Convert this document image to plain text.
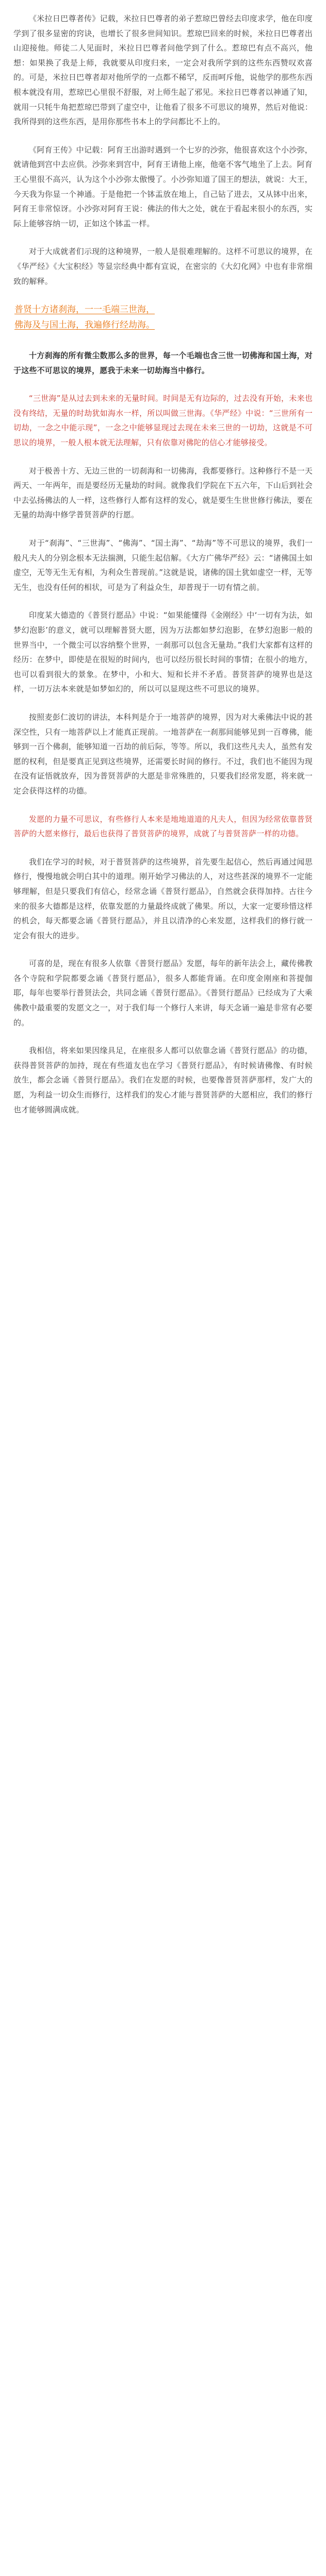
《米拉日巴尊者传》记载，米拉日巴尊者的弟子惹琼巴曾经去印度求学，他在印度学到了很多显密的窍诀，也增长了很多世间知识。惹琼巴回来的时候，米拉日巴尊者出山迎接他。师徒二人见面时，米拉日巴尊者问他学到了什么。惹琼巴有点不高兴，他想：如果换了我是上师，我就要从印度归来，一定会对我所学到的这些东西赞叹欢喜的。可是，米拉日巴尊者却对他所学的一点都不稀罕，反而呵斥他，说他学的那些东西根本就没有用，惹琼巴心里很不舒服，对上师生起了邪见。米拉日巴尊者以神通了知，就用一只牦牛角把惹琼巴带到了虚空中，让他看了很多不可思议的境界，然后对他说：我所得到的这些东西，是用你那些书本上的学问都比不上的。

《阿育王传》中记载：阿育王出游时遇到一个七岁的沙弥，他很喜欢这个小沙弥，就请他到宫中去应供。沙弥来到宫中，阿育王请他上座，他毫不客气地坐了上去。阿育王心里很不高兴，认为这个小沙弥太傲慢了。小沙弥知道了国王的想法，就说：大王，今天我为你显一个神通。于是他把一个钵盂放在地上，自己钻了进去，又从钵中出来，阿育王非常惊讶。小沙弥对阿育王说：佛法的伟大之处，就在于看起来很小的东西，实际上能够容纳一切，正如这个钵盂一样。

对于大成就者们示现的这种境界，一般人是很难理解的。这样不可思议的境界，在《华严经》《大宝积经》等显宗经典中都有宣说，在密宗的《大幻化网》中也有非常细致的解释。

普贤十方诸刹海，一一毛端三世海，

佛海及与国土海，我遍修行经劫海。

十方刹海的所有微尘数那么多的世界，每一个毛端也含三世一切佛海和国土海，对于这些不可思议的境界，愿我于未来一切劫海当中修行。

“三世海”是从过去到未来的无量时间。时间是无有边际的，过去没有开始，未来也没有终结，无量的时劫犹如海水一样，所以叫做三世海。《华严经》中说：“三世所有一切劫，一念之中能示现”，一念之中能够显现过去现在未来三世的一切劫，这就是不可思议的境界，一般人根本就无法理解，只有依靠对佛陀的信心才能够接受。

对于极善十方、无边三世的一切刹海和一切佛海，我都要修行。这种修行不是一天两天、一年两年，而是要经历无量劫的时间。就像我们学院在下五六年，下山后到社会中去弘扬佛法的人一样，这些修行人都有这样的发心，就是要生生世世修行佛法，要在无量的劫海中修学普贤菩萨的行愿。

对于“刹海”、“三世海”、“佛海”、“国土海”、“劫海”等不可思议的境界，我们一般凡夫人的分别念根本无法揣测，只能生起信解。《大方广佛华严经》云：“诸佛国土如虚空，无等无生无有相，为利众生普现前。”这就是说，诸佛的国土犹如虚空一样，无等无生，也没有任何的相状，可是为了利益众生，却普现于一切有情之前。

印度某大德造的《普贤行愿品》中说：“如果能懂得《金刚经》中‘一切有为法，如梦幻泡影’的意义，就可以理解普贤大愿，因为万法都如梦幻泡影，在梦幻泡影一般的世界当中，一个微尘可以容纳整个世界，一刹那可以包含无量劫。”我们大家都有这样的经历：在梦中，即使是在很短的时间内，也可以经历很长时间的事情；在很小的地方，也可以看到很大的景象。在梦中，小和大、短和长并不矛盾。普贤菩萨的境界也是这样，一切万法本来就是如梦如幻的，所以可以显现这些不可思议的境界。

按照麦彭仁波切的讲法，本科判是介于一地菩萨的境界，因为对大乘佛法中说的甚深空性，只有一地菩萨以上才能真正现前。一地菩萨在一刹那间能够见到一百尊佛，能够到一百个佛刹，能够知道一百劫的前后际，等等。所以，我们这些凡夫人，虽然有发愿的权利，但是要真正见到这些境界，还需要长时间的修行。不过，我们也不能因为现在没有证悟就放弃，因为普贤菩萨的大愿是非常殊胜的，只要我们经常发愿，将来就一定会获得这样的功德。

发愿的力量不可思议，有些修行人本来是地地道道的凡夫人，但因为经常依靠普贤菩萨的大愿来修行，最后也获得了普贤菩萨的境界，成就了与普贤菩萨一样的功德。

我们在学习的时候，对于普贤菩萨的这些境界，首先要生起信心，然后再通过闻思修行，慢慢地就会明白其中的道理。刚开始学习佛法的人，对这些甚深的境界不一定能够理解，但是只要我们有信心，经常念诵《普贤行愿品》，自然就会获得加持。古往今来的很多大德都是这样，依靠发愿的力量最终成就了佛果。所以，大家一定要珍惜这样的机会，每天都要念诵《普贤行愿品》，并且以清净的心来发愿，这样我们的修行就一定会有很大的进步。

可喜的是，现在有很多人依靠《普贤行愿品》发愿，每年的新年法会上，藏传佛教各个寺院和学院都要念诵《普贤行愿品》，很多人都能背诵。在印度金刚座和菩提伽耶，每年也要举行普贤法会，共同念诵《普贤行愿品》。《普贤行愿品》已经成为了大乘佛教中最重要的发愿文之一，对于我们每一个修行人来讲，每天念诵一遍是非常有必要的。

我相信，将来如果因缘具足，在座很多人都可以依靠念诵《普贤行愿品》的功德，获得普贤菩萨的加持，现在有些道友也在学习《普贤行愿品》，有时候请佛像、有时候放生，都会念诵《普贤行愿品》。我们在发愿的时候，也要像普贤菩萨那样，发广大的愿，为利益一切众生而修行，这样我们的发心才能与普贤菩萨的大愿相应，我们的修行也才能够圆满成就。
